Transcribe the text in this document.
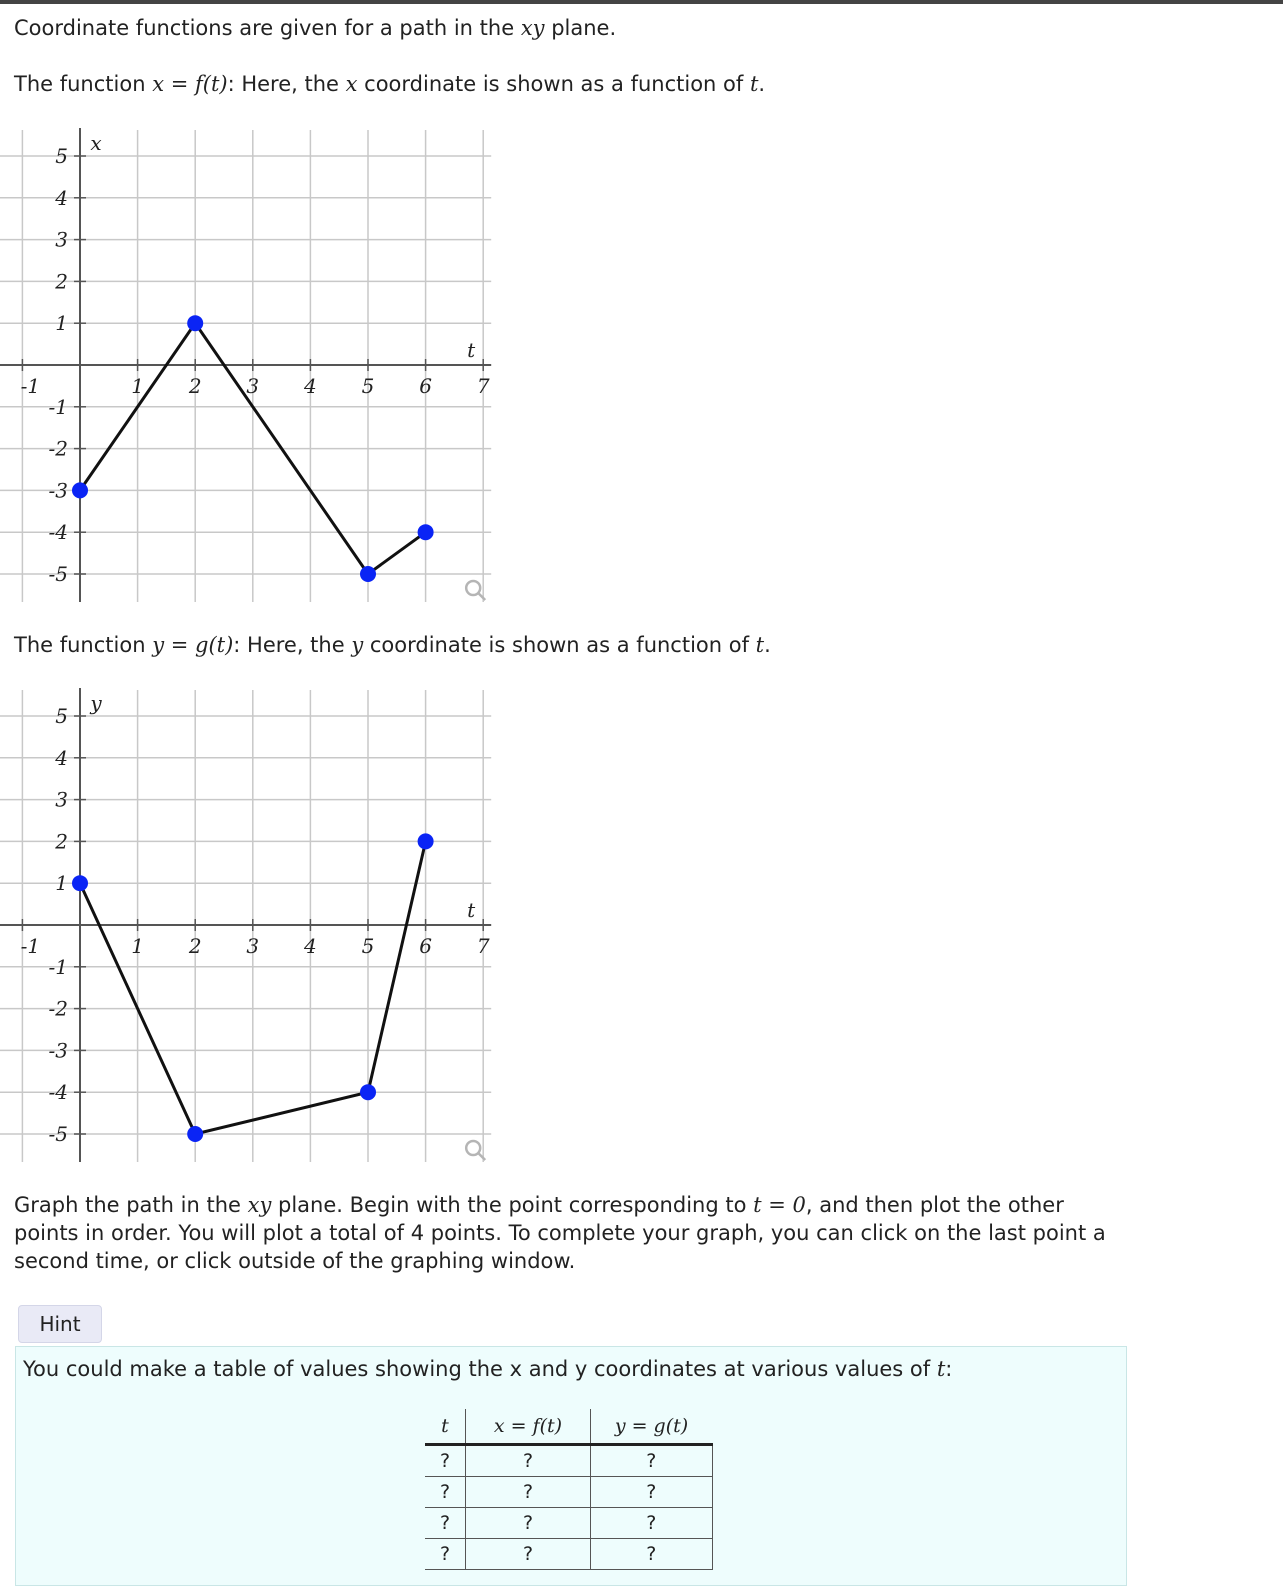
Coordinate functions are given for a path in the xy plane.

The function x = f(t): Here, the x coordinate is shown as a function of t.

-1	1 2 3 4 5 6 7
5
4
3
2
1
-1
-2
-3
-4
-5
x
t

The function y = g(t): Here, the y coordinate is shown as a function of t.

-1	1 2 3 4 5 6 7
5
4
3
2
1
-1
-2
-3
-4
-5
y
t
Graph the path in the xy plane. Begin with the point corresponding to t = 0, and then plot the other
points in order. You will plot a total of 4 points. To complete your graph, you can click on the last point a
second time, or click outside of the graphing window.
Hint

You could make a table of values showing the x and y coordinates at various values of t:

t	x = f(t)	y = g(t)
?	?	?
?	?	?
?	?	?
?	?	?
